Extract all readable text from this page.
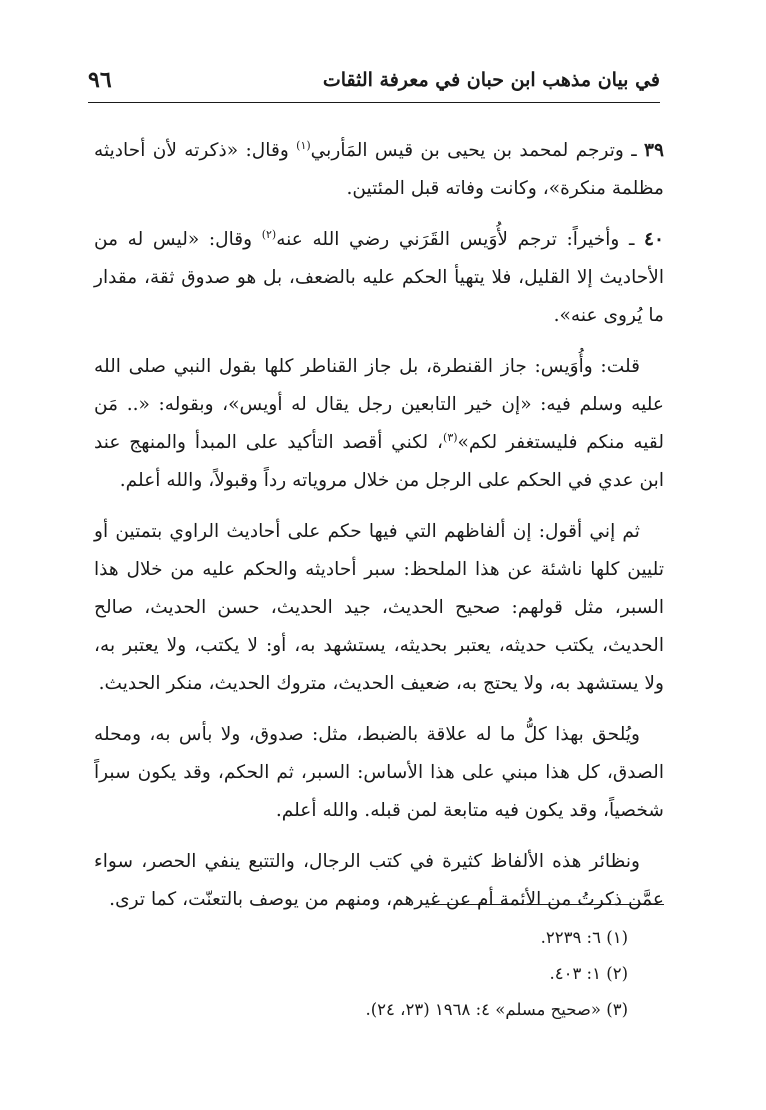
في بيان مذهب ابن حبان في معرفة الثقات
٩٦

٣٩ ـ وترجم لمحمد بن يحيى بن قيس المَأربي$^{(١)}$ وقال: «ذكرته لأن أحاديثه مظلمة منكرة»، وكانت وفاته قبل المئتين.

٤٠ ـ وأخيراً: ترجم لأُوَيس القَرَني رضي الله عنه$^{(٢)}$ وقال: «ليس له من الأحاديث إلا القليل، فلا يتهيأ الحكم عليه بالضعف، بل هو صدوق ثقة، مقدار ما يُروى عنه».

قلت: وأُوَيس: جاز القنطرة، بل جاز القناطر كلها بقول النبي صلى الله عليه وسلم فيه: «إن خير التابعين رجل يقال له أويس»، وبقوله: «.. مَن لقيه منكم فليستغفر لكم»$^{(٣)}$، لكني أقصد التأكيد على المبدأ والمنهج عند ابن عدي في الحكم على الرجل من خلال مروياته رداً وقبولاً، والله أعلم.

ثم إني أقول: إن ألفاظهم التي فيها حكم على أحاديث الراوي بتمتين أو تليين كلها ناشئة عن هذا الملحظ: سبر أحاديثه والحكم عليه من خلال هذا السبر، مثل قولهم: صحيح الحديث، جيد الحديث، حسن الحديث، صالح الحديث، يكتب حديثه، يعتبر بحديثه، يستشهد به، أو: لا يكتب، ولا يعتبر به، ولا يستشهد به، ولا يحتج به، ضعيف الحديث، متروك الحديث، منكر الحديث.

ويُلحق بهذا كلُّ ما له علاقة بالضبط، مثل: صدوق، ولا بأس به، ومحله الصدق، كل هذا مبني على هذا الأساس: السبر، ثم الحكم، وقد يكون سبراً شخصياً، وقد يكون فيه متابعة لمن قبله. والله أعلم.

ونظائر هذه الألفاظ كثيرة في كتب الرجال، والتتبع ينفي الحصر، سواء عمَّن ذكرتُ من الأئمة أم عن غيرهم، ومنهم من يوصف بالتعنّت، كما ترى.

(١) ٦: ٢٢٣٩.

(٢) ١: ٤٠٣.

(٣) «صحيح مسلم» ٤: ١٩٦٨ (٢٣، ٢٤).
